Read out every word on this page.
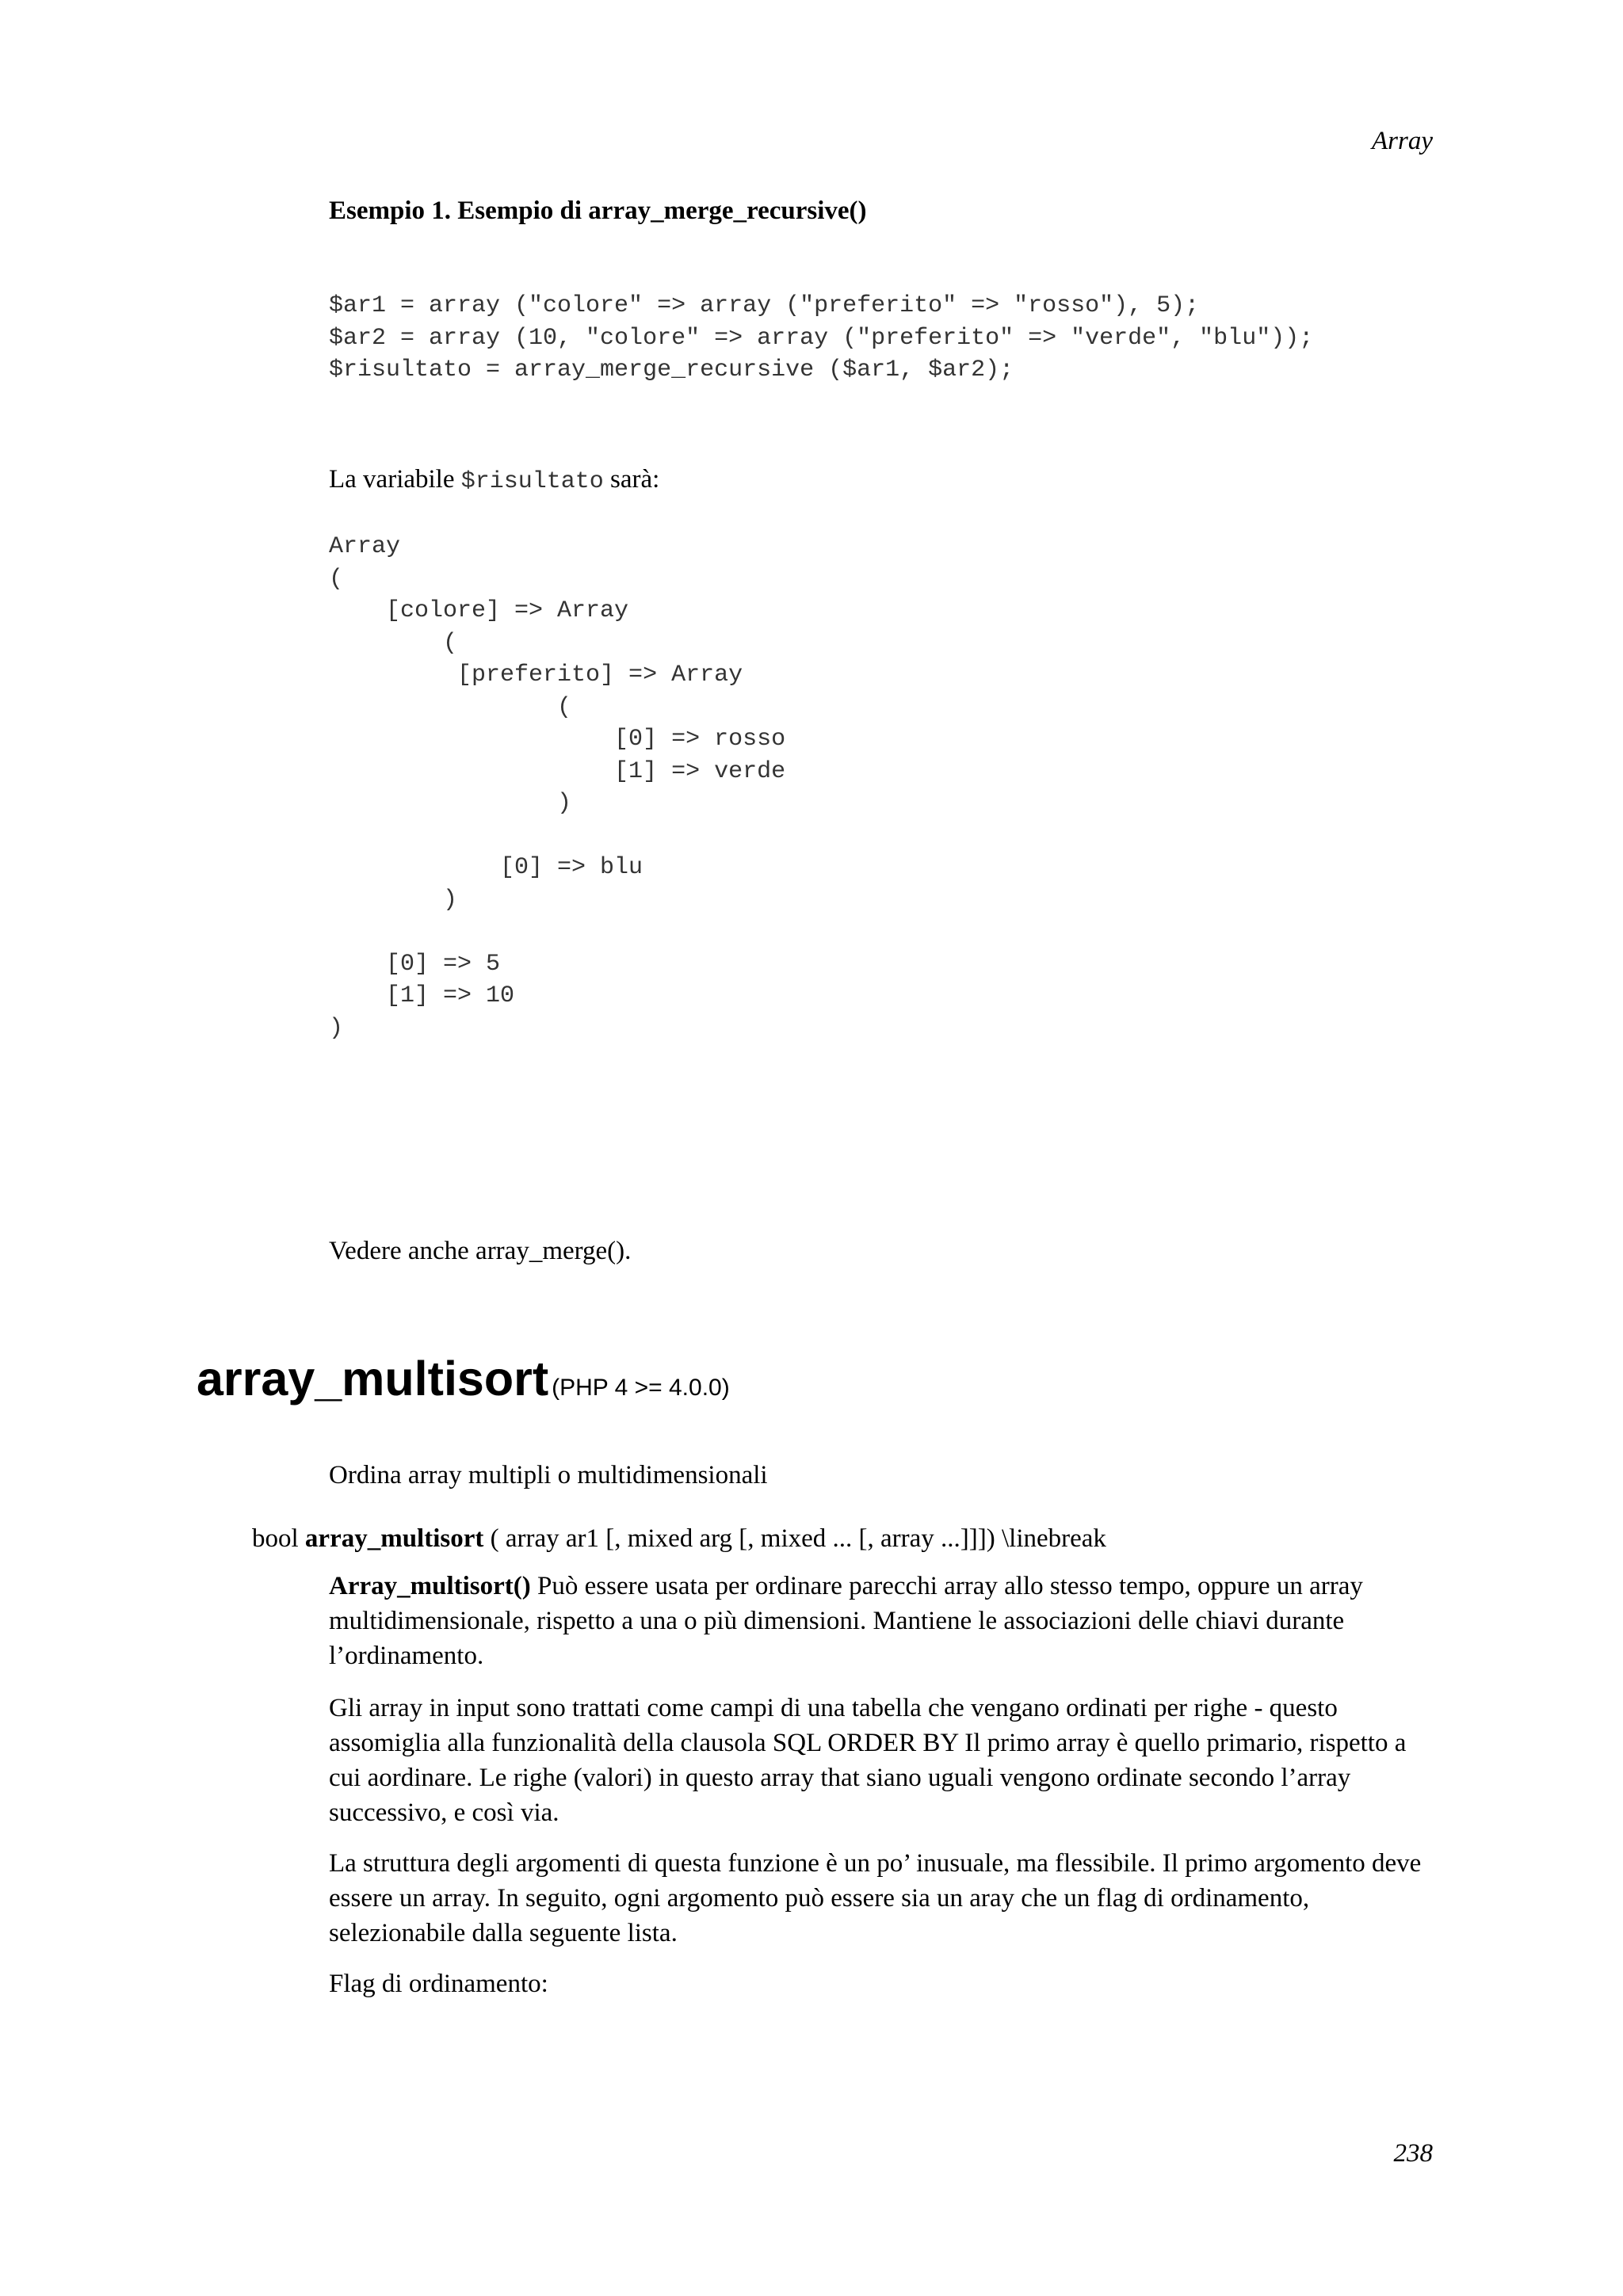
Array
Esempio 1. Esempio di array_merge_recursive()
$ar1 = array ("colore" => array ("preferito" => "rosso"), 5);
$ar2 = array (10, "colore" => array ("preferito" => "verde", "blu"));
$risultato = array_merge_recursive ($ar1, $ar2);
La variabile $risultato sarà:
Array
(
[colore] => Array
(
[preferito] => Array
(
[0] => rosso
[1] => verde
)

[0] => blu
)

[0] => 5
[1] => 10
)
Vedere anche array_merge().
array_multisort (PHP 4 >= 4.0.0)
Ordina array multipli o multidimensionali
bool array_multisort ( array ar1 [, mixed arg [, mixed ... [, array ...]]]) \linebreak
Array_multisort() Può essere usata per ordinare parecchi array allo stesso tempo, oppure un array multidimensionale, rispetto a una o più dimensioni. Mantiene le associazioni delle chiavi durante l’ordinamento.
Gli array in input sono trattati come campi di una tabella che vengano ordinati per righe - questo assomiglia alla funzionalità della clausola SQL ORDER BY Il primo array è quello primario, rispetto a cui aordinare. Le righe (valori) in questo array that siano uguali vengono ordinate secondo l’array successivo, e così via.
La struttura degli argomenti di questa funzione è un po’ inusuale, ma flessibile. Il primo argomento deve essere un array. In seguito, ogni argomento può essere sia un aray che un flag di ordinamento, selezionabile dalla seguente lista.
Flag di ordinamento:
238
